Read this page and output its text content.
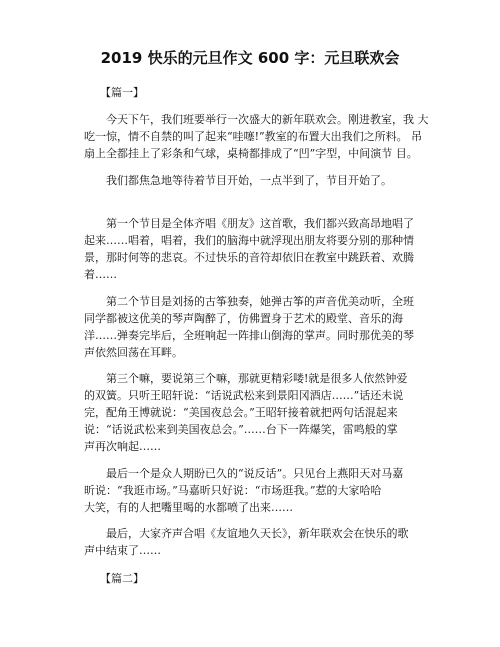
2019 快乐的元旦作文 600 字：元旦联欢会
【篇一】
今天下午，我们班要举行一次盛大的新年联欢会。刚进教室，我 大
吃一惊，情不自禁的叫了起来“哇噻!”教室的布置大出我们之所料。 吊
扇上全都挂上了彩条和气球，桌椅都排成了“凹”字型，中间演节 目。
我们都焦急地等待着节目开始，一点半到了，节目开始了。
第一个节目是全体齐唱《朋友》这首歌，我们都兴致高昂地唱了
起来……唱着，唱着，我们的脑海中就浮现出朋友将要分别的那种情
景，那时何等的悲哀。不过快乐的音符却依旧在教室中跳跃着、欢腾
着……
第二个节目是刘扬的古筝独奏，她弹古筝的声音优美动听，全班
同学都被这优美的琴声陶醉了，仿佛置身于艺术的殿堂、音乐的海
洋……弹奏完毕后，全班响起一阵排山倒海的掌声。同时那优美的琴
声依然回荡在耳畔。
第三个嘛，要说第三个嘛，那就更精彩喽!就是很多人依然钟爱
的双簧。只听王昭轩说：“话说武松来到景阳冈酒店……”话还未说
完，配角王博就说：“美国夜总会。”王昭轩接着就把两句话混起来
说：“话说武松来到美国夜总会。”……台下一阵爆笑，雷鸣般的掌
声再次响起……
最后一个是众人期盼已久的“说反话”。只见台上燕阳天对马嘉
昕说：“我逛市场。”马嘉昕只好说：“市场逛我。”惹的大家哈哈
大笑，有的人把嘴里喝的水都喷了出来……
最后，大家齐声合唱《友谊地久天长》，新年联欢会在快乐的歌
声中结束了……
【篇二】
